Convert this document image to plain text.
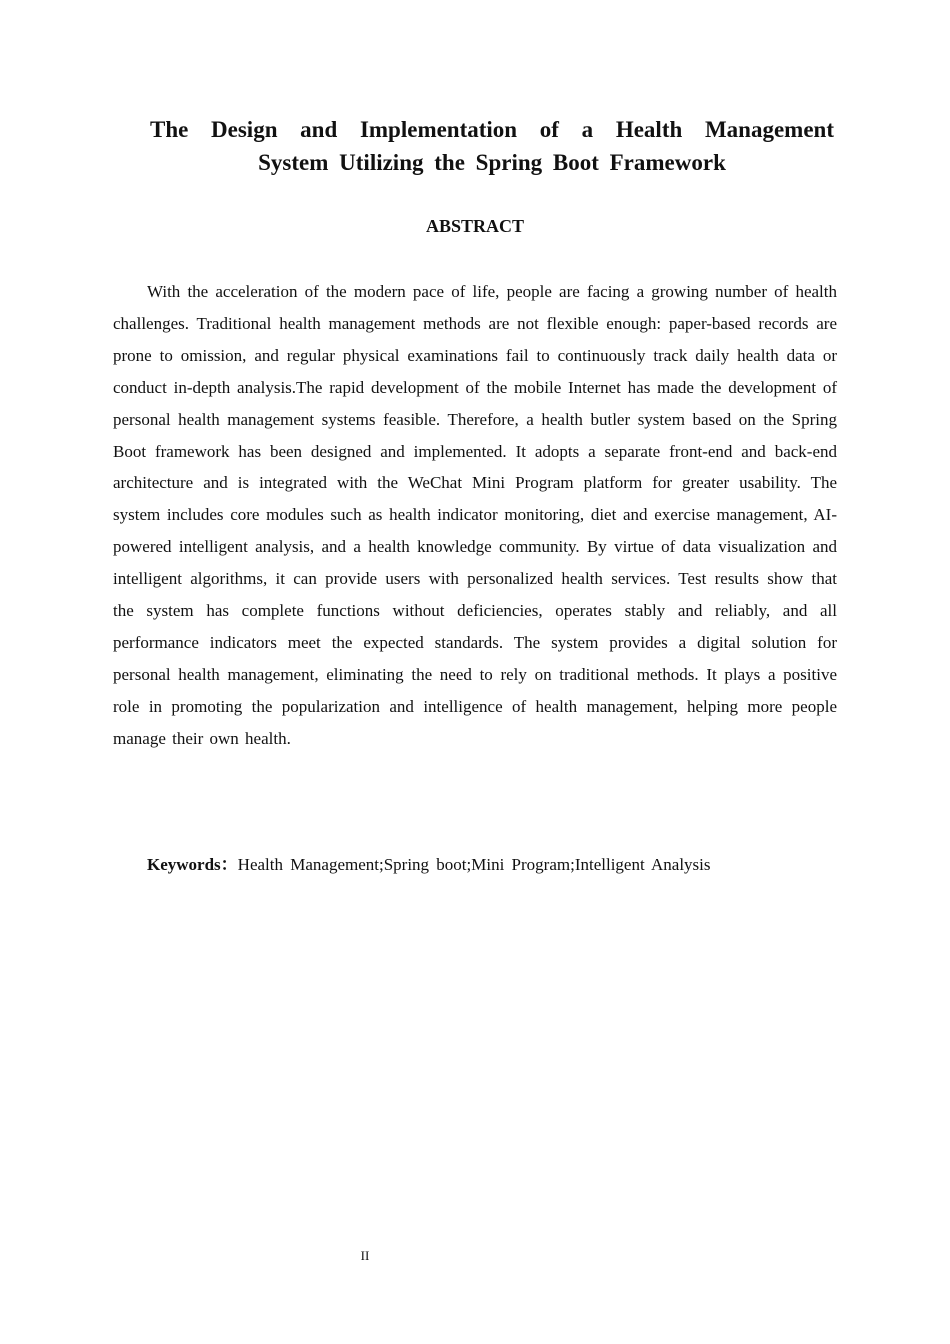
The Design and Implementation of a Health Management
System Utilizing the Spring Boot Framework
ABSTRACT

With the acceleration of the modern pace of life, people are facing a growing number of health challenges. Traditional health management methods are not flexible enough: paper-based records are prone to omission, and regular physical examinations fail to continuously track daily health data or conduct in-depth analysis.The rapid development of the mobile Internet has made the development of personal health management systems feasible. Therefore, a health butler system based on the Spring Boot framework has been designed and implemented. It adopts a separate front-end and back-end architecture and is integrated with the WeChat Mini Program platform for greater usability. The system includes core modules such as health indicator monitoring, diet and exercise management, AI-powered intelligent analysis, and a health knowledge community. By virtue of data visualization and intelligent algorithms, it can provide users with personalized health services. Test results show that the system has complete functions without deficiencies, operates stably and reliably, and all performance indicators meet the expected standards. The system provides a digital solution for personal health management, eliminating the need to rely on traditional methods. It plays a positive role in promoting the popularization and intelligence of health management, helping more people manage their own health.

Keywords：Health Management;Spring boot;Mini Program;Intelligent Analysis

II
